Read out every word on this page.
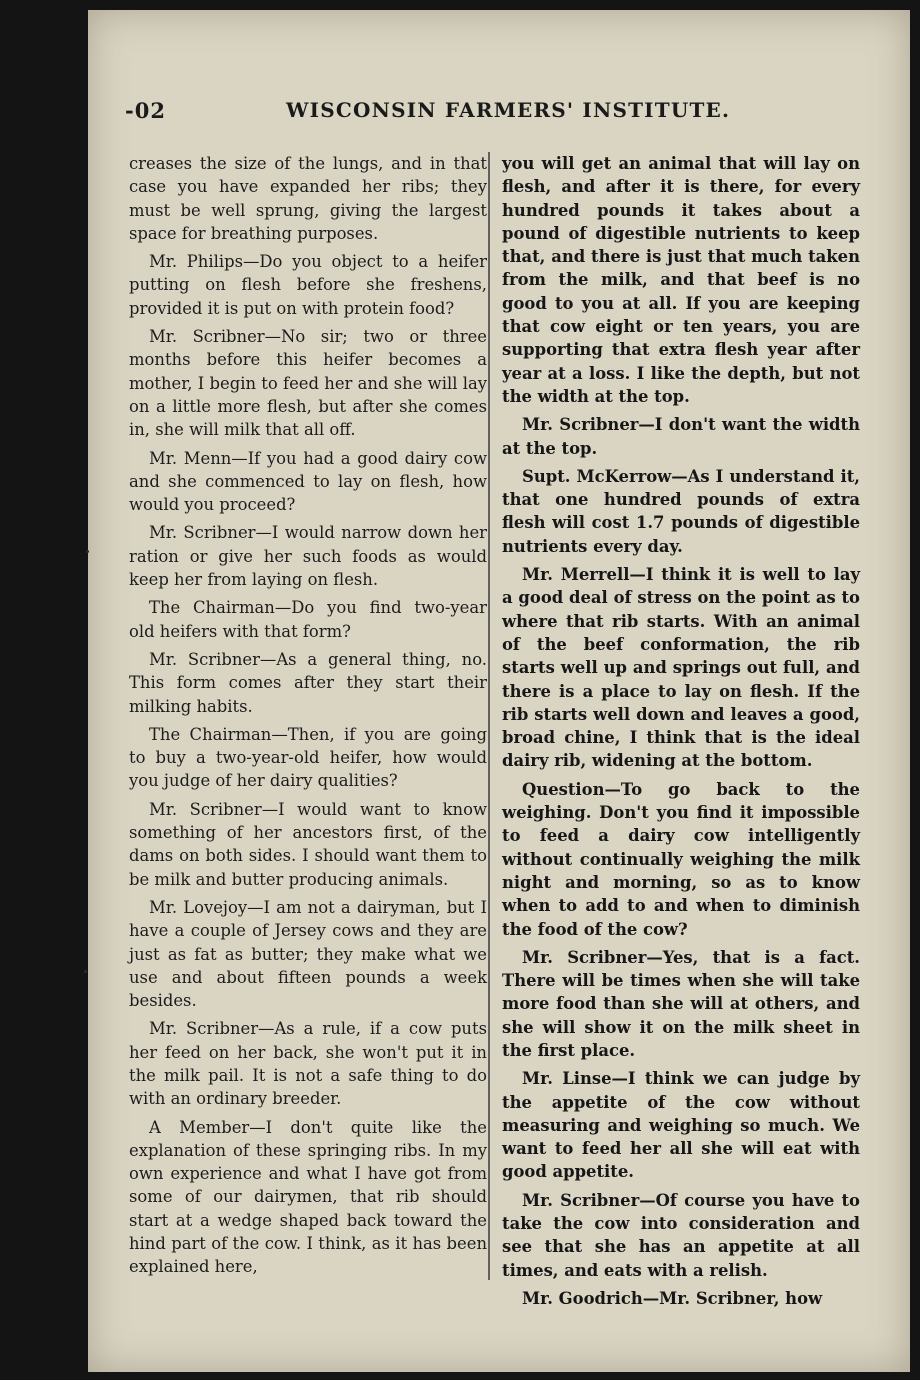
-02	WISCONSIN FARMERS' INSTITUTE.

creases the size of the lungs, and in that case you have expanded her ribs; they must be well sprung, giving the largest space for breathing purposes.

Mr. Philips—Do you object to a heifer putting on flesh before she freshens, provided it is put on with protein food?

Mr. Scribner—No sir; two or three months before this heifer becomes a mother, I begin to feed her and she will lay on a little more flesh, but after she comes in, she will milk that all off.

Mr. Menn—If you had a good dairy cow and she commenced to lay on flesh, how would you proceed?

Mr. Scribner—I would narrow down her ration or give her such foods as would keep her from laying on flesh.

The Chairman—Do you find two-year old heifers with that form?

Mr. Scribner—As a general thing, no. This form comes after they start their milking habits.

The Chairman—Then, if you are going to buy a two-year-old heifer, how would you judge of her dairy qualities?

Mr. Scribner—I would want to know something of her ancestors first, of the dams on both sides. I should want them to be milk and butter producing animals.

Mr. Lovejoy—I am not a dairyman, but I have a couple of Jersey cows and they are just as fat as butter; they make what we use and about fifteen pounds a week besides.

Mr. Scribner—As a rule, if a cow puts her feed on her back, she won't put it in the milk pail. It is not a safe thing to do with an ordinary breeder.

A Member—I don't quite like the explanation of these springing ribs. In my own experience and what I have got from some of our dairymen, that rib should start at a wedge shaped back toward the hind part of the cow. I think, as it has been explained here,

you will get an animal that will lay on flesh, and after it is there, for every hundred pounds it takes about a pound of digestible nutrients to keep that, and there is just that much taken from the milk, and that beef is no good to you at all. If you are keeping that cow eight or ten years, you are supporting that extra flesh year after year at a loss. I like the depth, but not the width at the top.

Mr. Scribner—I don't want the width at the top.

Supt. McKerrow—As I understand it, that one hundred pounds of extra flesh will cost 1.7 pounds of digestible nutrients every day.

Mr. Merrell—I think it is well to lay a good deal of stress on the point as to where that rib starts. With an animal of the beef conformation, the rib starts well up and springs out full, and there is a place to lay on flesh. If the rib starts well down and leaves a good, broad chine, I think that is the ideal dairy rib, widening at the bottom.

Question—To go back to the weighing. Don't you find it impossible to feed a dairy cow intelligently without continually weighing the milk night and morning, so as to know when to add to and when to diminish the food of the cow?

Mr. Scribner—Yes, that is a fact. There will be times when she will take more food than she will at others, and she will show it on the milk sheet in the first place.

Mr. Linse—I think we can judge by the appetite of the cow without measuring and weighing so much. We want to feed her all she will eat with good appetite.

Mr. Scribner—Of course you have to take the cow into consideration and see that she has an appetite at all times, and eats with a relish.

Mr. Goodrich—Mr. Scribner, how
